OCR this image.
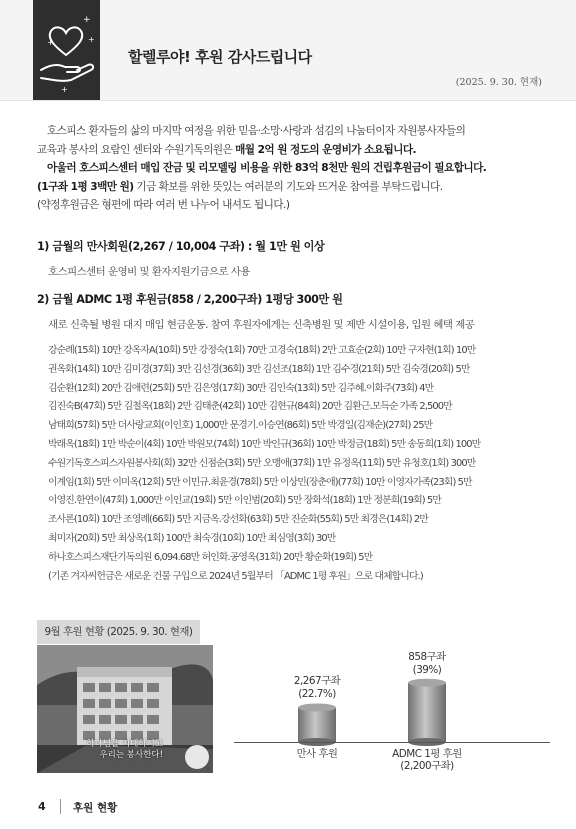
+
+
+
+
할렐루야! 후원 감사드립니다
(2025. 9. 30. 현재)

호스피스 환자들의 삶의 마지막 여정을 위한 믿음·소망·사랑과 섬김의 나눔터이자 자원봉사자들의

교육과 봉사의 요람인 센터와 수원기독의원은 매월 2억 원 정도의 운영비가 소요됩니다.

아울러 호스피스센터 매입 잔금 및 리모델링 비용을 위한 83억 8천만 원의 건립후원금이 필요합니다.

(1구좌 1평 3백만 원) 기금 확보를 위한 뜻있는 여러분의 기도와 뜨거운 참여를 부탁드립니다.

(약정후원금은 형편에 따라 여러 번 나누어 내셔도 됩니다.)

1) 금월의 만사회원(2,267 / 10,004 구좌) : 월 1만 원 이상
호스피스센터 운영비 및 환자지원기금으로 사용
2) 금월 ADMC 1평 후원금(858 / 2,200구좌) 1평당 300만 원
새로 신축될 병원 대지 매입 현금운동. 참여 후원자에게는 신축병원 및 제반 시설이용, 입원 혜택 제공
강순례(15회) 10만 강옥자A(10회) 5만 강정숙(1회) 70만 고경숙(18회) 2만 고효순(2회) 10만 구자현(1회) 10만
권옥화(14회) 10만 김미경(37회) 3만 김선경(36회) 3만 김선조(18회) 1만 김수경(21회) 5만 김숙경(20회) 5만
김순환(12회) 20만 김애련(25회) 5만 김은영(17회) 30만 김인숙(13회) 5만 김주혜.이화주(73회) 4만
김진숙B(47회) 5만 김철옥(18회) 2만 김태춘(42회) 10만 김현규(84회) 20만 김환근.모득순 가족 2,500만
남태희(57회) 5만 더사랑교회(이인호) 1,000만 문경기.이승연(86회) 5만 박경일(김재순)(27회) 25만
박래옥(18회) 1만 박순이(4회) 10만 박원모(74회) 10만 박인규(36회) 10만 박정금(18회) 5만 송동희(1회) 100만
수원기독호스피스자원봉사회(회) 32만 신점순(3회) 5만 오맹애(37회) 1만 유정옥(11회) 5만 유청호(1회) 300만
이계임(1회) 5만 이미옥(12회) 5만 이민규.최윤경(78회) 5만 이상민(장춘애)(77회) 10만 이영자가족(23회) 5만
이영진.한연이(47회) 1,000만 이인교(19회) 5만 이인범(20회) 5만 장화석(18회) 1만 정분희(19회) 5만
조사론(10회) 10만 조영례(66회) 5만 지금옥.강선화(63회) 5만 진순화(55회) 5만 최경은(14회) 2만
최미자(20회) 5만 최상옥(1회) 100만 최숙경(10회) 10만 최심영(3회) 30만
하나호스피스재단기독의원 6,094.68만 허인화.공영옥(31회) 20만 황순화(19회) 5만
(기존 겨자씨헌금은 새로운 건물 구입으로 2024년 5월부터 「ADMC 1평 후원」으로 대체합니다.)
9월 후원 현황 (2025. 9. 30. 현재)
하나님을 지내하시고
우리는 봉사한다!
2,267구좌
(22.7%)
만사 후원
858구좌
(39%)
ADMC 1평 후원
(2,200구좌)
4	후원 현황
